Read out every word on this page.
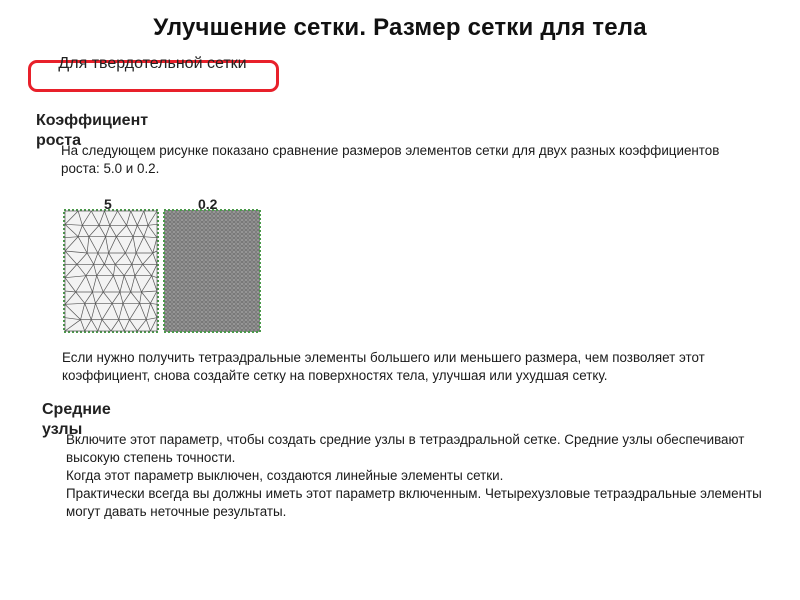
Улучшение сетки. Размер сетки для тела
Для твердотельной сетки
Коэффициент роста
На следующем рисунке показано сравнение размеров элементов сетки для двух разных коэффициентов роста: 5.0 и 0.2.
5	0.2
Если нужно получить тетраэдральные элементы большего или меньшего размера, чем позволяет этот коэффициент, снова создайте сетку на поверхностях тела, улучшая или ухудшая сетку.
Средние узлы
Включите этот параметр, чтобы создать средние узлы в тетраэдральной сетке. Средние узлы обеспечивают высокую степень точности.
Когда этот параметр выключен, создаются линейные элементы сетки.
Практически всегда вы должны иметь этот параметр включенным. Четырехузловые тетраэдральные элементы могут давать неточные результаты.
